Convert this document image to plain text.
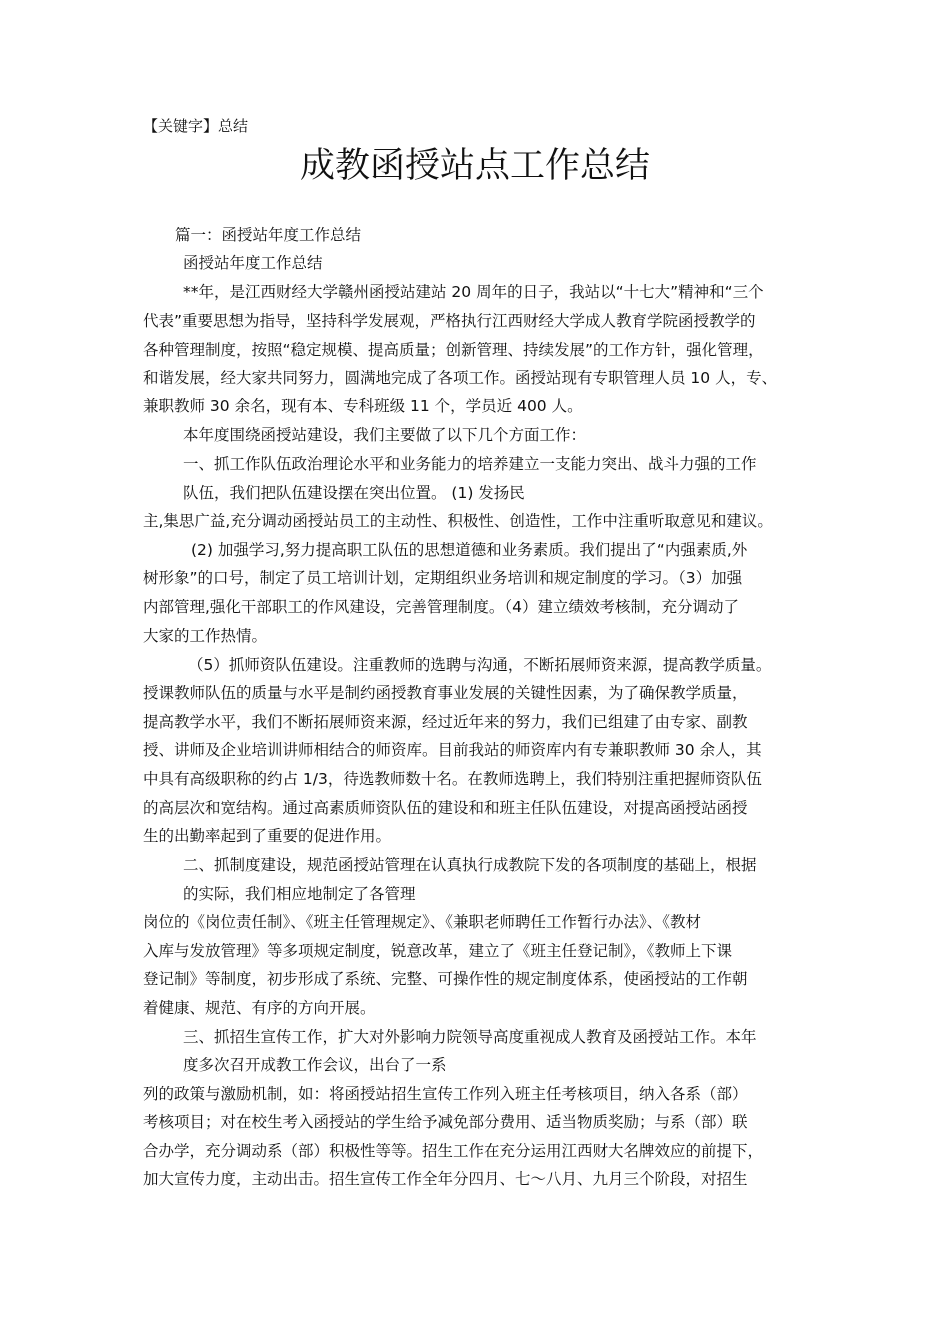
【关键字】总结
成教函授站点工作总结
篇一：函授站年度工作总结
函授站年度工作总结
**年，是江西财经大学赣州函授站建站 20 周年的日子，我站以“十七大”精神和“三个
代表”重要思想为指导，坚持科学发展观，严格执行江西财经大学成人教育学院函授教学的
各种管理制度，按照“稳定规模、提高质量；创新管理、持续发展”的工作方针，强化管理，
和谐发展，经大家共同努力，圆满地完成了各项工作。函授站现有专职管理人员 10 人，专、
兼职教师 30 余名，现有本、专科班级 11 个，学员近 400 人。
本年度围绕函授站建设，我们主要做了以下几个方面工作：
一、抓工作队伍政治理论水平和业务能力的培养建立一支能力突出、战斗力强的工作
队伍，我们把队伍建设摆在突出位置。 (1) 发扬民
主,集思广益,充分调动函授站员工的主动性、积极性、创造性，工作中注重听取意见和建议。
(2) 加强学习,努力提高职工队伍的思想道德和业务素质。我们提出了“内强素质,外
树形象”的口号，制定了员工培训计划，定期组织业务培训和规定制度的学习。（3）加强
内部管理,强化干部职工的作风建设，完善管理制度。（4）建立绩效考核制，充分调动了
大家的工作热情。
（5）抓师资队伍建设。注重教师的选聘与沟通，不断拓展师资来源，提高教学质量。
授课教师队伍的质量与水平是制约函授教育事业发展的关键性因素，为了确保教学质量，
提高教学水平，我们不断拓展师资来源，经过近年来的努力，我们已组建了由专家、副教
授、讲师及企业培训讲师相结合的师资库。目前我站的师资库内有专兼职教师 30 余人，其
中具有高级职称的约占 1/3，待选教师数十名。在教师选聘上，我们特别注重把握师资队伍
的高层次和宽结构。通过高素质师资队伍的建设和和班主任队伍建设，对提高函授站函授
生的出勤率起到了重要的促进作用。
二、抓制度建设，规范函授站管理在认真执行成教院下发的各项制度的基础上，根据
的实际，我们相应地制定了各管理
岗位的《岗位责任制》、《班主任管理规定》、《兼职老师聘任工作暂行办法》、《教材
入库与发放管理》等多项规定制度，锐意改革，建立了《班主任登记制》，《教师上下课
登记制》等制度，初步形成了系统、完整、可操作性的规定制度体系，使函授站的工作朝
着健康、规范、有序的方向开展。
三、抓招生宣传工作，扩大对外影响力院领导高度重视成人教育及函授站工作。本年
度多次召开成教工作会议，出台了一系
列的政策与激励机制，如：将函授站招生宣传工作列入班主任考核项目，纳入各系（部）
考核项目；对在校生考入函授站的学生给予减免部分费用、适当物质奖励；与系（部）联
合办学，充分调动系（部）积极性等等。招生工作在充分运用江西财大名牌效应的前提下，
加大宣传力度，主动出击。招生宣传工作全年分四月、七～八月、九月三个阶段，对招生
